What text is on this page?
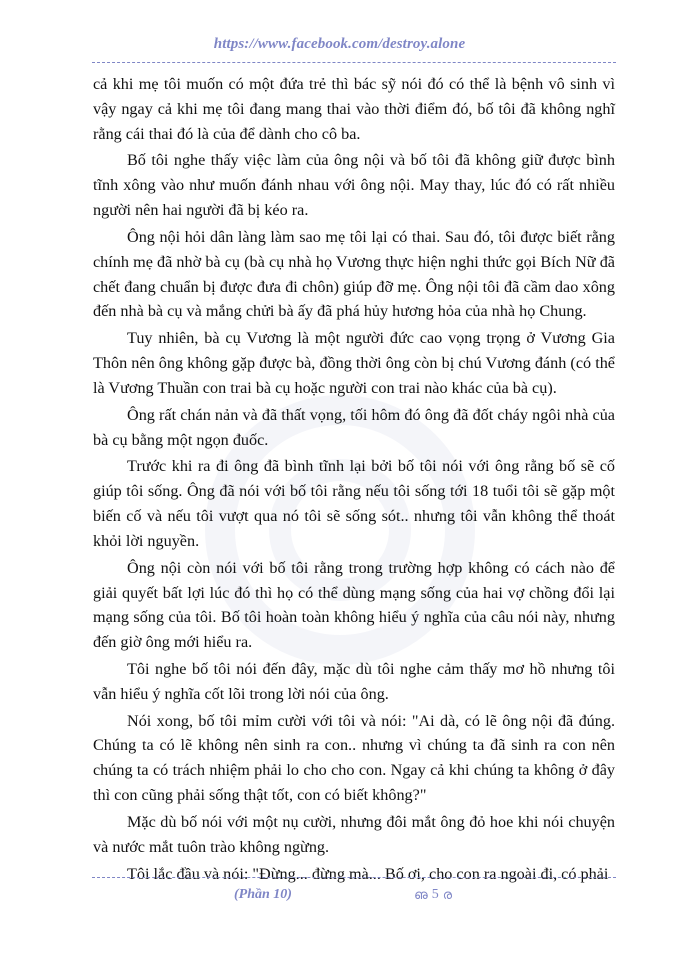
https://www.facebook.com/destroy.alone

cả khi mẹ tôi muốn có một đứa trẻ thì bác sỹ nói đó có thể là bệnh vô sinh vì vậy ngay cả khi mẹ tôi đang mang thai vào thời điểm đó, bố tôi đã không nghĩ rằng cái thai đó là của để dành cho cô ba.

Bố tôi nghe thấy việc làm của ông nội và bố tôi đã không giữ được bình tĩnh xông vào như muốn đánh nhau với ông nội. May thay, lúc đó có rất nhiều người nên hai người đã bị kéo ra.

Ông nội hỏi dân làng làm sao mẹ tôi lại có thai. Sau đó, tôi được biết rằng chính mẹ đã nhờ bà cụ (bà cụ nhà họ Vương thực hiện nghi thức gọi Bích Nữ đã chết đang chuẩn bị được đưa đi chôn) giúp đỡ mẹ. Ông nội tôi đã cầm dao xông đến nhà bà cụ và mắng chửi bà ấy đã phá hủy hương hỏa của nhà họ Chung.

Tuy nhiên, bà cụ Vương là một người đức cao vọng trọng ở Vương Gia Thôn nên ông không gặp được bà, đồng thời ông còn bị chú Vương đánh (có thể là Vương Thuần con trai bà cụ hoặc người con trai nào khác của bà cụ).

Ông rất chán nản và đã thất vọng, tối hôm đó ông đã đốt cháy ngôi nhà của bà cụ bằng một ngọn đuốc.

Trước khi ra đi ông đã bình tĩnh lại bởi bố tôi nói với ông rằng bố sẽ cố giúp tôi sống. Ông đã nói với bố tôi rằng nếu tôi sống tới 18 tuổi tôi sẽ gặp một biến cố và nếu tôi vượt qua nó tôi sẽ sống sót.. nhưng tôi vẫn không thể thoát khỏi lời nguyền.

Ông nội còn nói với bố tôi rằng trong trường hợp không có cách nào để giải quyết bất lợi lúc đó thì họ có thể dùng mạng sống của hai vợ chồng đổi lại mạng sống của tôi. Bố tôi hoàn toàn không hiểu ý nghĩa của câu nói này, nhưng đến giờ ông mới hiểu ra.

Tôi nghe bố tôi nói đến đây, mặc dù tôi nghe cảm thấy mơ hồ nhưng tôi vẫn hiểu ý nghĩa cốt lõi trong lời nói của ông.

Nói xong, bố tôi mỉm cười với tôi và nói: "Ai dà, có lẽ ông nội đã đúng. Chúng ta có lẽ không nên sinh ra con.. nhưng vì chúng ta đã sinh ra con nên chúng ta có trách nhiệm phải lo cho cho con. Ngay cả khi chúng ta không ở đây thì con cũng phải sống thật tốt, con có biết không?"

Mặc dù bố nói với một nụ cười, nhưng đôi mắt ông đỏ hoe khi nói chuyện và nước mắt tuôn trào không ngừng.

Tôi lắc đầu và nói: "Đừng... đừng mà... Bố ơi, cho con ra ngoài đi, có phải

(Phần 10)	ഌ 5 ര
